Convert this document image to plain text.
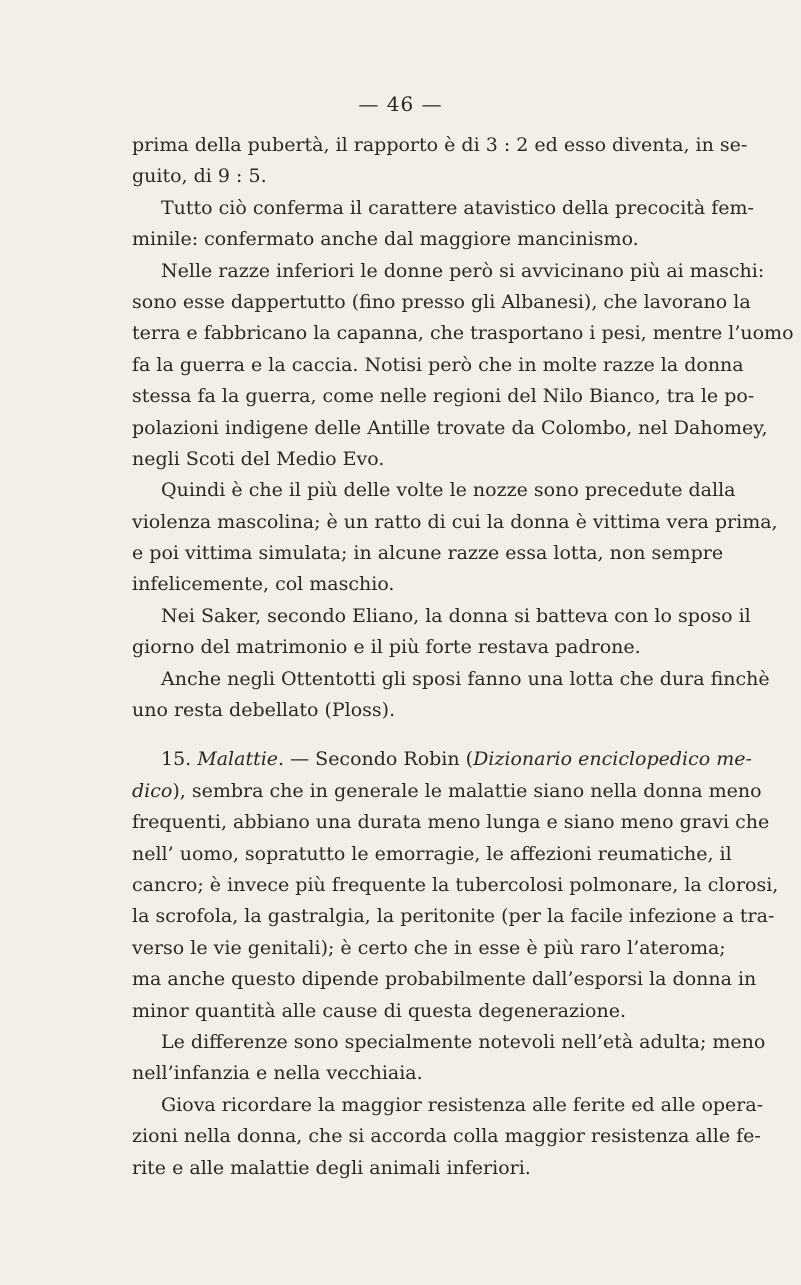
— 46 —
prima della pubertà, il rapporto è di 3 : 2 ed esso diventa, in se-
guito, di 9 : 5.
Tutto ciò conferma il carattere atavistico della precocità fem-
minile: confermato anche dal maggiore mancinismo.
Nelle razze inferiori le donne però si avvicinano più ai maschi:
sono esse dappertutto (fino presso gli Albanesi), che lavorano la
terra e fabbricano la capanna, che trasportano i pesi, mentre l’uomo
fa la guerra e la caccia. Notisi però che in molte razze la donna
stessa fa la guerra, come nelle regioni del Nilo Bianco, tra le po-
polazioni indigene delle Antille trovate da Colombo, nel Dahomey,
negli Scoti del Medio Evo.
Quindi è che il più delle volte le nozze sono precedute dalla
violenza mascolina; è un ratto di cui la donna è vittima vera prima,
e poi vittima simulata; in alcune razze essa lotta, non sempre
infelicemente, col maschio.
Nei Saker, secondo Eliano, la donna si batteva con lo sposo il
giorno del matrimonio e il più forte restava padrone.
Anche negli Ottentotti gli sposi fanno una lotta che dura finchè
uno resta debellato (Ploss).
15. Malattie. — Secondo Robin (Dizionario enciclopedico me-
dico), sembra che in generale le malattie siano nella donna meno
frequenti, abbiano una durata meno lunga e siano meno gravi che
nell’ uomo, sopratutto le emorragie, le affezioni reumatiche, il
cancro; è invece più frequente la tubercolosi polmonare, la clorosi,
la scrofola, la gastralgia, la peritonite (per la facile infezione a tra-
verso le vie genitali); è certo che in esse è più raro l’ateroma;
ma anche questo dipende probabilmente dall’esporsi la donna in
minor quantità alle cause di questa degenerazione.
Le differenze sono specialmente notevoli nell’età adulta; meno
nell’infanzia e nella vecchiaia.
Giova ricordare la maggior resistenza alle ferite ed alle opera-
zioni nella donna, che si accorda colla maggior resistenza alle fe-
rite e alle malattie degli animali inferiori.
